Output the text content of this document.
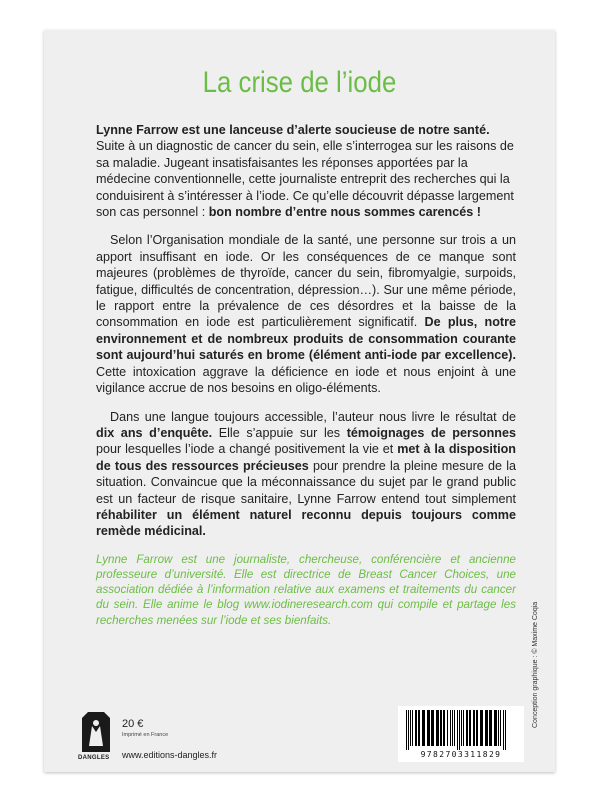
La crise de l’iode

Lynne Farrow est une lanceuse d’alerte soucieuse de notre santé. Suite à un diagnostic de cancer du sein, elle s’interrogea sur les raisons de sa maladie. Jugeant insatisfaisantes les réponses apportées par la médecine conventionnelle, cette journaliste entreprit des recherches qui la conduisirent à s’intéresser à l’iode. Ce qu’elle découvrit dépasse largement son cas personnel : bon nombre d’entre nous sommes carencés !

Selon l’Organisation mondiale de la santé, une personne sur trois a un apport insuffisant en iode. Or les conséquences de ce manque sont majeures (problèmes de thyroïde, cancer du sein, fibromyalgie, surpoids, fatigue, difficultés de concentration, dépression…). Sur une même période, le rapport entre la prévalence de ces désordres et la baisse de la consommation en iode est particulièrement significatif. De plus, notre environnement et de nombreux produits de consommation courante sont aujourd’hui saturés en brome (élément anti-iode par excellence). Cette intoxication aggrave la déficience en iode et nous enjoint à une vigilance accrue de nos besoins en oligo-éléments.

Dans une langue toujours accessible, l’auteur nous livre le résultat de dix ans d’enquête. Elle s’appuie sur les témoignages de personnes pour lesquelles l’iode a changé positivement la vie et met à la disposition de tous des ressources précieuses pour prendre la pleine mesure de la situation. Convaincue que la méconnaissance du sujet par le grand public est un facteur de risque sanitaire, Lynne Farrow entend tout simplement réhabiliter un élément naturel reconnu depuis toujours comme remède médicinal.

Lynne Farrow est une journaliste, chercheuse, conférencière et ancienne professeure d’université. Elle est directrice de Breast Cancer Choices, une association dédiée à l’information relative aux examens et traitements du cancer du sein. Elle anime le blog www.iodineresearch.com qui compile et partage les recherches menées sur l’iode et ses bienfaits.	Conception graphique : © Maxime Coqia
DANGLES
20 €
Imprimé en France
www.editions-dangles.fr	9782703311829
